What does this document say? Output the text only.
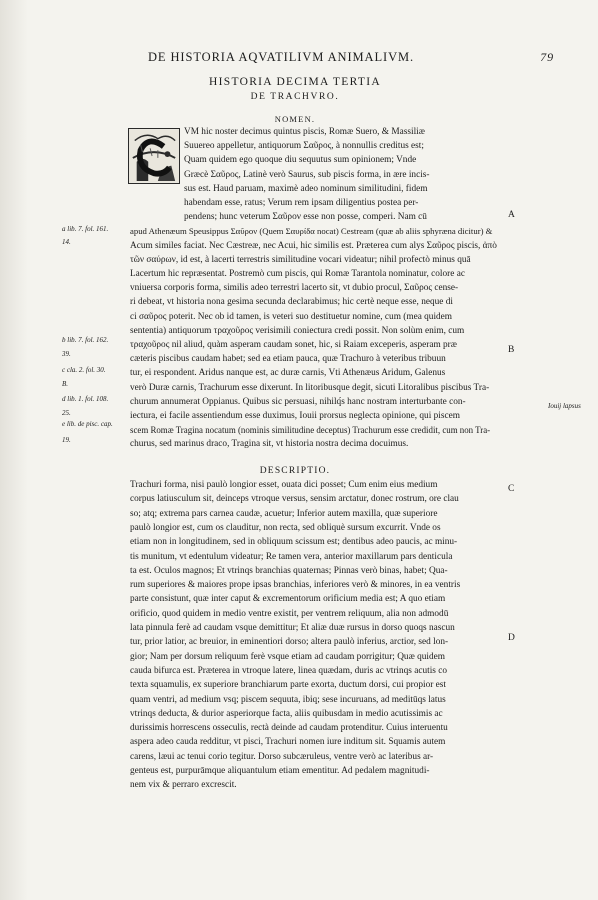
DE HISTORIA AQVATILIVM ANIMALIVM.	79
HISTORIA DECIMA TERTIA
DE TRACHVRO.
NOMEN.
VM hic noster decimus quintus piscis, Romæ Suero, & Massiliæ
Suuereo appelletur, antiquorum Σαῦρος, à nonnullis creditus est;
Quam quidem ego quoque diu sequutus sum opinionem; Vnde
Græcè Σαῦρος, Latinè verò Saurus, sub piscis forma, in ære incis-
sus est. Haud paruam, maximè adeo nominum similitudini, fidem
habendam esse, ratus; Verum rem ipsam diligentius postea per-
pendens; hunc veterum Σαῦρον esse non posse, comperi. Nam cū
apud Athenæum Speusippus Σαῦρον (Quem Σαυρίδα nocat) Cestream (quæ ab aliis sphyræna dicitur) &
Acum similes faciat. Nec Cæstreæ, nec Acui, hic similis est. Præterea cum alys Σαῦρος piscis, ἀπὸ
τῶν σαύρων, id est, à lacerti terrestris similitudine vocari videatur; nihil profectò minus quā
Lacertum hic repræsentat. Postremò cum piscis, qui Romæ Tarantola nominatur, colore ac
vniuersa corporis forma, similis adeo terrestri lacerto sit, vt dubio procul, Σαῦρος cense-
ri debeat, vt historia nona gesima secunda declarabimus; hic certè neque esse, neque di
ci σαῦρος poterit. Nec ob id tamen, is veteri suo destituetur nomine, cum (mea quidem
sententia) antiquorum τραχοῦρος verisimili coniectura credi possit. Non solùm enim, cum
τραχοῦρος nil aliud, quàm asperam caudam sonet, hic, si Raiam exceperis, asperam præ
cæteris piscibus caudam habet; sed ea etiam pauca, quæ Trachuro à veteribus tribuun
tur, ei respondent. Aridus nanque est, ac duræ carnis, Vti Athenæus Aridum, Galenus
verò Duræ carnis, Trachurum esse dixerunt. In litoribusque degit, sicuti Litoralibus piscibus Tra-
churum annumerat Oppianus. Quibus sic persuasi, nihilq́s hanc nostram interturbante con-
iectura, ei facile assentiendum esse duximus, Iouii prorsus neglecta opinione, qui piscem
scem Romæ Tragina nocatum (nominis similitudine deceptus) Trachurum esse credidit, cum non Tra-
churus, sed marinus draco, Tragina sit, vt historia nostra decima docuimus.
DESCRIPTIO.
Trachuri forma, nisi paulò longior esset, ouata dici posset; Cum enim eius medium
corpus latiusculum sit, deinceps vtroque versus, sensim arctatur, donec rostrum, ore clau
so; atq; extrema pars carnea caudæ, acuetur; Inferior autem maxilla, quæ superiore
paulò longior est, cum os clauditur, non recta, sed obliquè sursum excurrit. Vnde os
etiam non in longitudinem, sed in obliquum scissum est; dentibus adeo paucis, ac minu-
tis munitum, vt edentulum videatur; Re tamen vera, anterior maxillarum pars denticula
ta est. Oculos magnos; Et vtrinqs branchias quaternas; Pinnas verò binas, habet; Qua-
rum superiores & maiores prope ipsas branchias, inferiores verò & minores, in ea ventris
parte consistunt, quæ inter caput & excrementorum orificium media est; A quo etiam
orificio, quod quidem in medio ventre existit, per ventrem reliquum, alia non admodū
lata pinnula ferè ad caudam vsque demittitur; Et aliæ duæ rursus in dorso quoqs nascun
tur, prior latior, ac breuior, in eminentiori dorso; altera paulò inferius, arctior, sed lon-
gior; Nam per dorsum reliquum ferè vsque etiam ad caudam porrigitur; Quæ quidem
cauda bifurca est. Præterea in vtroque latere, linea quædam, duris ac vtrinqs acutis co
texta squamulis, ex superiore branchiarum parte exorta, ductum dorsi, cui propior est
quam ventri, ad medium vsq; piscem sequuta, ibiq; sese incuruans, ad meditūqs latus
vtrinqs deducta, & durior asperiorque facta, aliis quibusdam in medio acutissimis ac
durissimis horrescens osseculis, rectà deinde ad caudam protenditur. Cuius interuentu
aspera adeo cauda redditur, vt pisci, Trachuri nomen iure inditum sit. Squamis autem
carens, læui ac tenui corio tegitur. Dorso subcæruleus, ventre verò ac lateribus ar-
genteus est, purpurāmque aliquantulum etiam ementitur. Ad pedalem magnitudi-
nem vix & perraro excrescit.
a lib. 7. fol. 161.
14.
b lib. 7. fol. 162.
39.
c cla. 2. fol. 30.
B.
d lib. 1. fol. 108.
25.
e lib. de pisc. cap.
19.
A
B
C
D
Iouij lapsus
